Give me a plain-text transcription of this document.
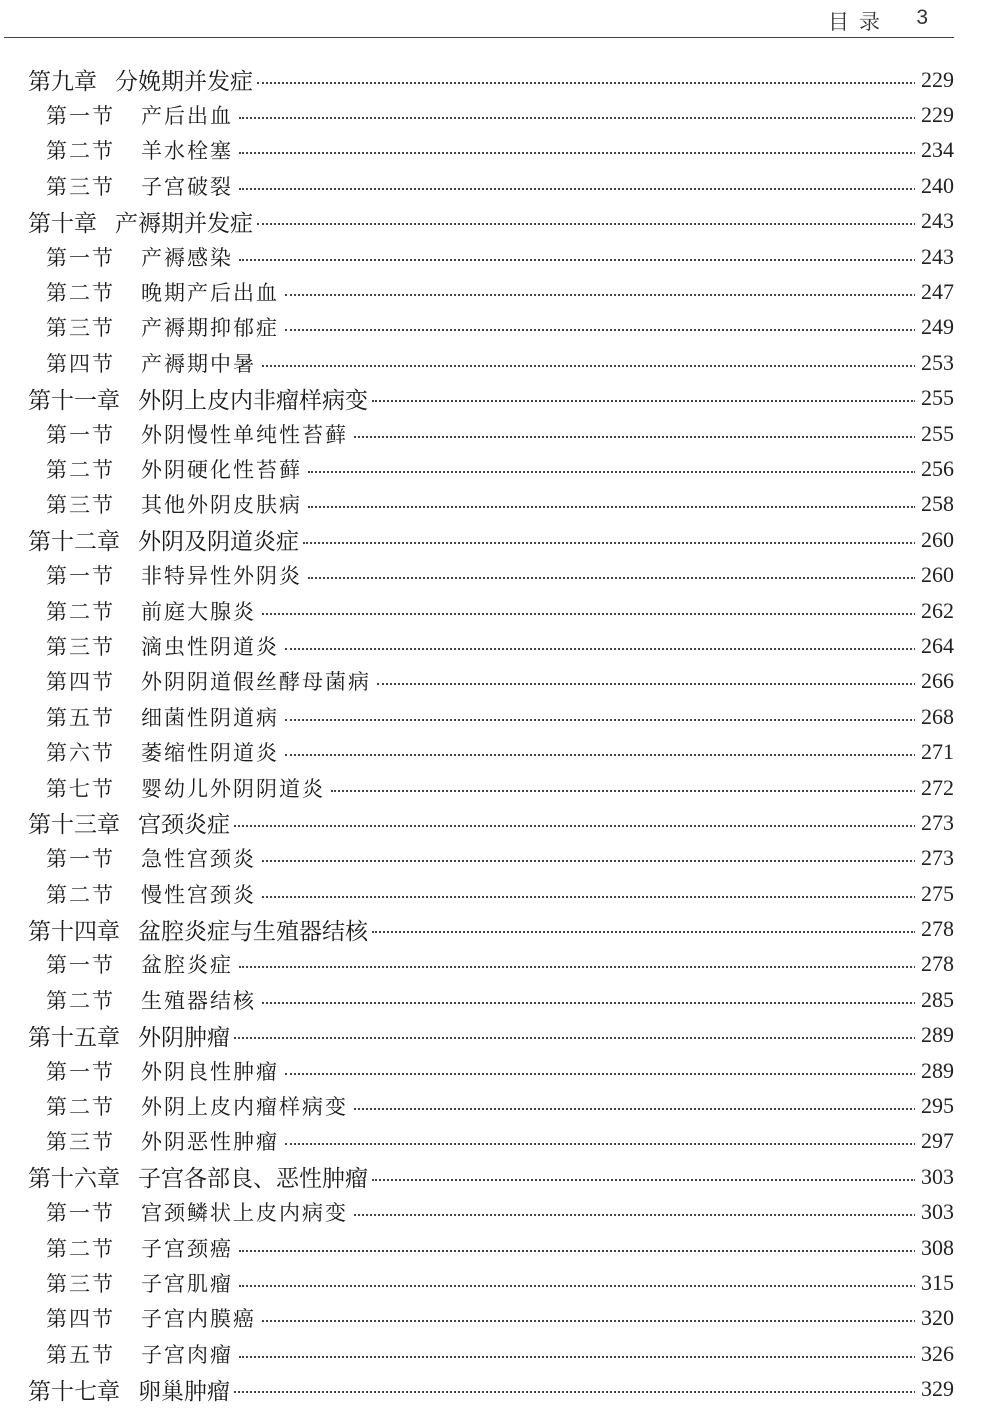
目录 3
第九章 分娩期并发症	229
第一节 产后出血	229
第二节 羊水栓塞	234
第三节 子宫破裂	240
第十章 产褥期并发症	243
第一节 产褥感染	243
第二节 晚期产后出血	247
第三节 产褥期抑郁症	249
第四节 产褥期中暑	253
第十一章 外阴上皮内非瘤样病变	255
第一节 外阴慢性单纯性苔藓	255
第二节 外阴硬化性苔藓	256
第三节 其他外阴皮肤病	258
第十二章 外阴及阴道炎症	260
第一节 非特异性外阴炎	260
第二节 前庭大腺炎	262
第三节 滴虫性阴道炎	264
第四节 外阴阴道假丝酵母菌病	266
第五节 细菌性阴道病	268
第六节 萎缩性阴道炎	271
第七节 婴幼儿外阴阴道炎	272
第十三章 宫颈炎症	273
第一节 急性宫颈炎	273
第二节 慢性宫颈炎	275
第十四章 盆腔炎症与生殖器结核	278
第一节 盆腔炎症	278
第二节 生殖器结核	285
第十五章 外阴肿瘤	289
第一节 外阴良性肿瘤	289
第二节 外阴上皮内瘤样病变	295
第三节 外阴恶性肿瘤	297
第十六章 子宫各部良、恶性肿瘤	303
第一节 宫颈鳞状上皮内病变	303
第二节 子宫颈癌	308
第三节 子宫肌瘤	315
第四节 子宫内膜癌	320
第五节 子宫肉瘤	326
第十七章 卵巢肿瘤	329
